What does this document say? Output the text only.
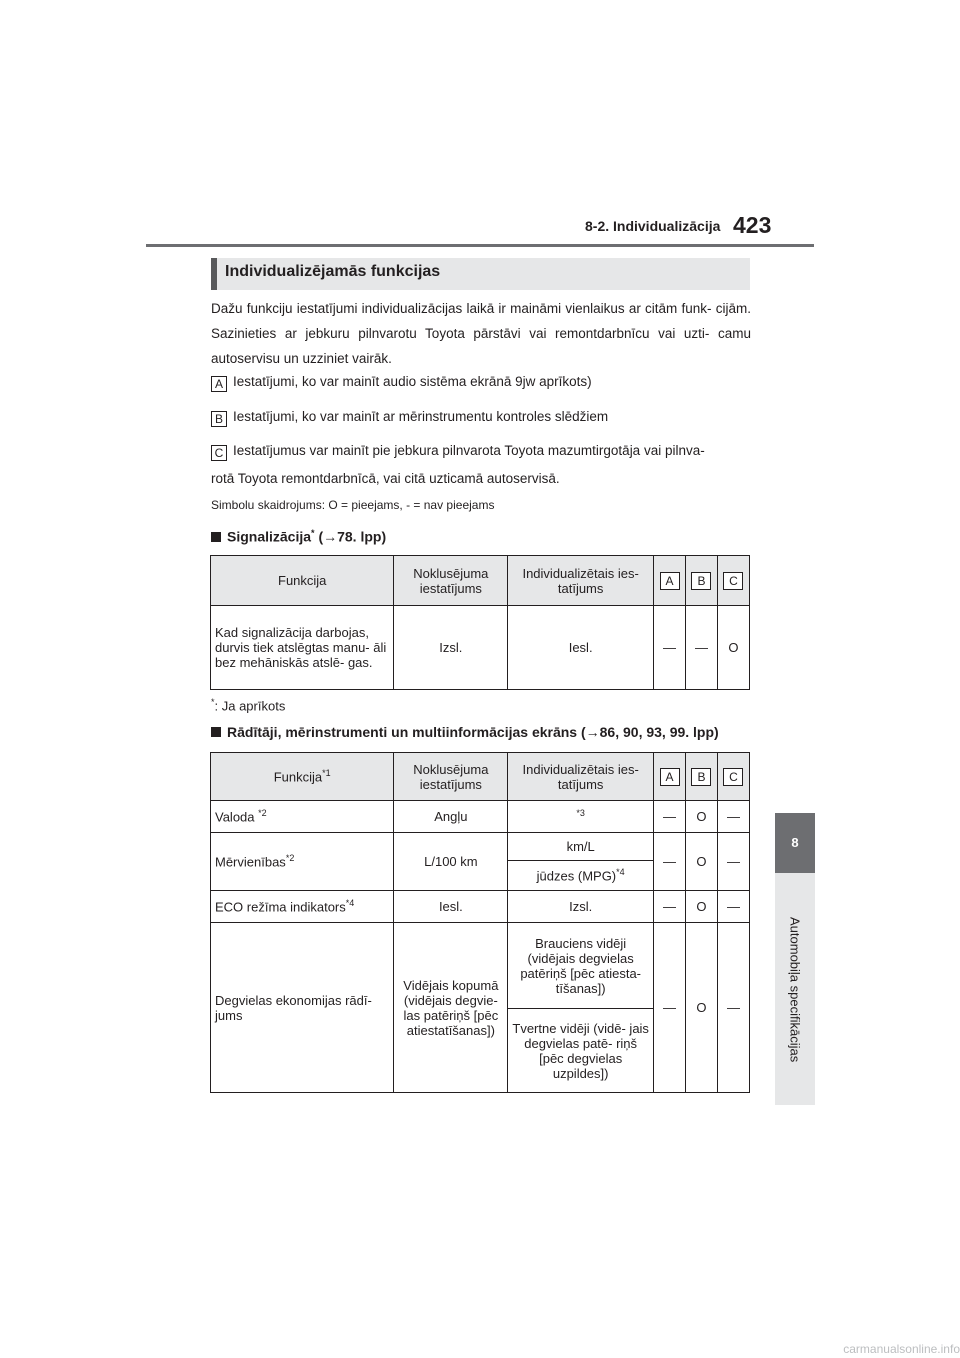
8-2. Individualizācija 423
8
Automobiļa specifikācijas
Individualizējamās funkcijas
Dažu funkciju iestatījumi individualizācijas laikā ir maināmi vienlaikus ar citām funk- cijām. Sazinieties ar jebkuru pilnvarotu Toyota pārstāvi vai remontdarbnīcu vai uzti- camu autoservisu un uzziniet vairāk.
A Iestatījumi, ko var mainīt audio sistēma ekrānā 9jw aprīkots)
B Iestatījumi, ko var mainīt ar mērinstrumentu kontroles slēdžiem
C Iestatījumus var mainīt pie jebkura pilnvarota Toyota mazumtirgotāja vai pilnva-
rotā Toyota remontdarbnīcā, vai citā uzticamā autoservisā.
Simbolu skaidrojums: O = pieejams, - = nav pieejams
Signalizācija* (→78. lpp)
Funkcija	Noklusējuma iestatījums	Individualizētais ies- tatījums	A	B	C
Kad signalizācija darbojas, durvis tiek atslēgtas manu- āli bez mehāniskās atslē- gas.	Izsl.	Iesl.	—	—	O
*: Ja aprīkots
Rādītāji, mērinstrumenti un multiinformācijas ekrāns (→86, 90, 93, 99. lpp)
Funkcija$^{*1}$	Noklusējuma iestatījums	Individualizētais ies- tatījums	A	B	C
Valoda $^{*2}$	Angļu	$^{*3}$	—	O	—
Mērvienības$^{*2}$	L/100 km	km/L	—	O	—
		jūdzes (MPG)$^{*4}$
ECO režīma indikators$^{*4}$	Iesl.	Izsl.	—	O	—
Degvielas ekonomijas rādī- jums	Vidējais kopumā (vidējais degvie- las patēriņš [pēc atiestatīšanas])	Brauciens vidēji (vidējais degvielas patēriņš [pēc atiesta- tīšanas])	—	O	—
		Tvertne vidēji (vidē- jais degvielas patē- riņš [pēc degvielas uzpildes])			
carmanualsonline.info
